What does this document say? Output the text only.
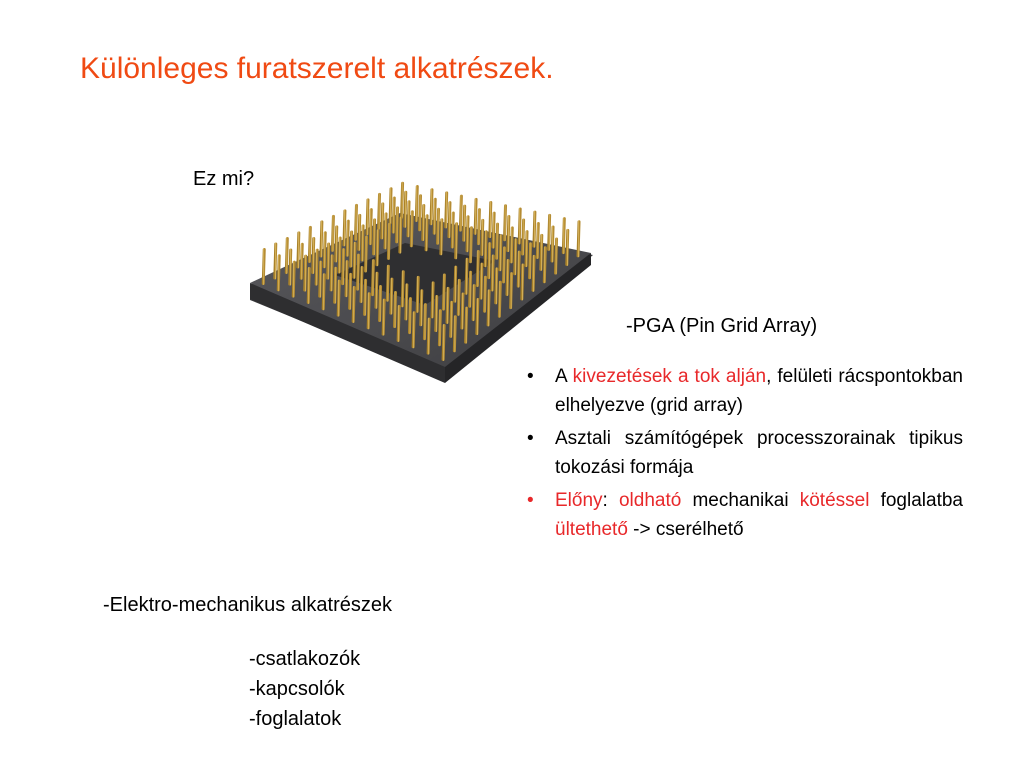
Különleges furatszerelt alkatrészek.
Ez mi?
-PGA (Pin Grid Array)
• A kivezetések a tok alján, felületi rácspontokban elhelyezve (grid array)
• Asztali számítógépek processzorainak tipikus tokozási formája
• Előny: oldható mechanikai kötéssel foglalatba ültethető -> cserélhető
-Elektro-mechanikus alkatrészek
-csatlakozók
-kapcsolók
-foglalatok
